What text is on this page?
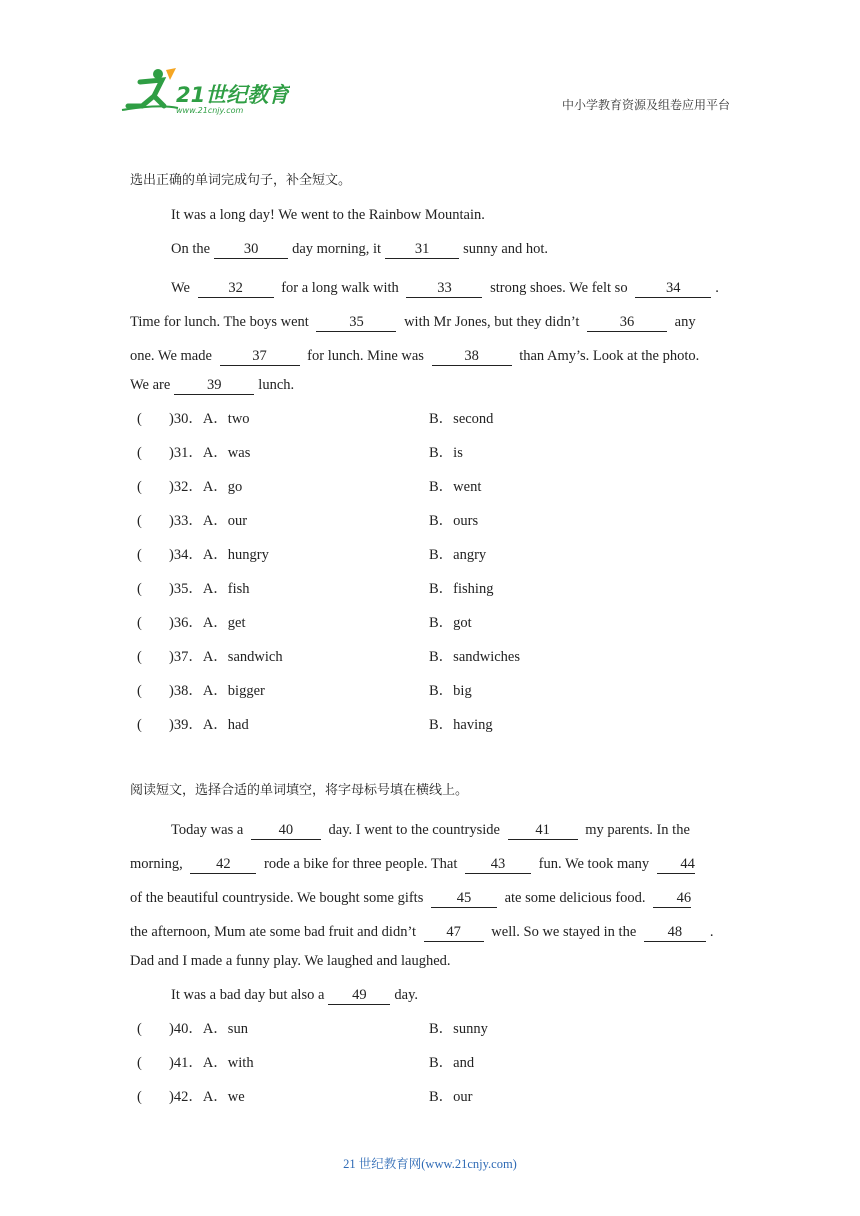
21世纪教育
www.21cnjy.com	中小学教育资源及组卷应用平台
选出正确的单词完成句子，补全短文。
It was a long day! We went to the Rainbow Mountain.
On the 30 day morning, it 31 sunny and hot.
We	32	for a long walk with	33	strong shoes. We felt so	34 .
Time for lunch. The boys went	35	with Mr Jones, but they didn’t	36	any
one. We made	37	for lunch. Mine was	38	than Amy’s. Look at the photo.
We are	39	lunch.
( )30．A．two	B．second
( )31．A．was	B．is
( )32．A．go	B．went
( )33．A．our	B．ours
( )34．A．hungry	B．angry
( )35．A．fish	B．fishing
( )36．A．get	B．got
( )37．A．sandwich	B．sandwiches
( )38．A．bigger	B．big
( )39．A．had	B．having
阅读短文，选择合适的单词填空，将字母标号填在横线上。
Today was a 40 day. I went to the countryside 41 my parents. In the
morning, 42 rode a bike for three people. That 43 fun. We took many 44
of the beautiful countryside. We bought some gifts 45 ate some delicious food. 46
the afternoon, Mum ate some bad fruit and didn’t 47 well. So we stayed in the 48 .
Dad and I made a funny play. We laughed and laughed.
It was a bad day but also a 49 day.
( )40．A．sun	B．sunny
( )41．A．with	B．and
( )42．A．we	B．our
21 世纪教育网(www.21cnjy.com)
